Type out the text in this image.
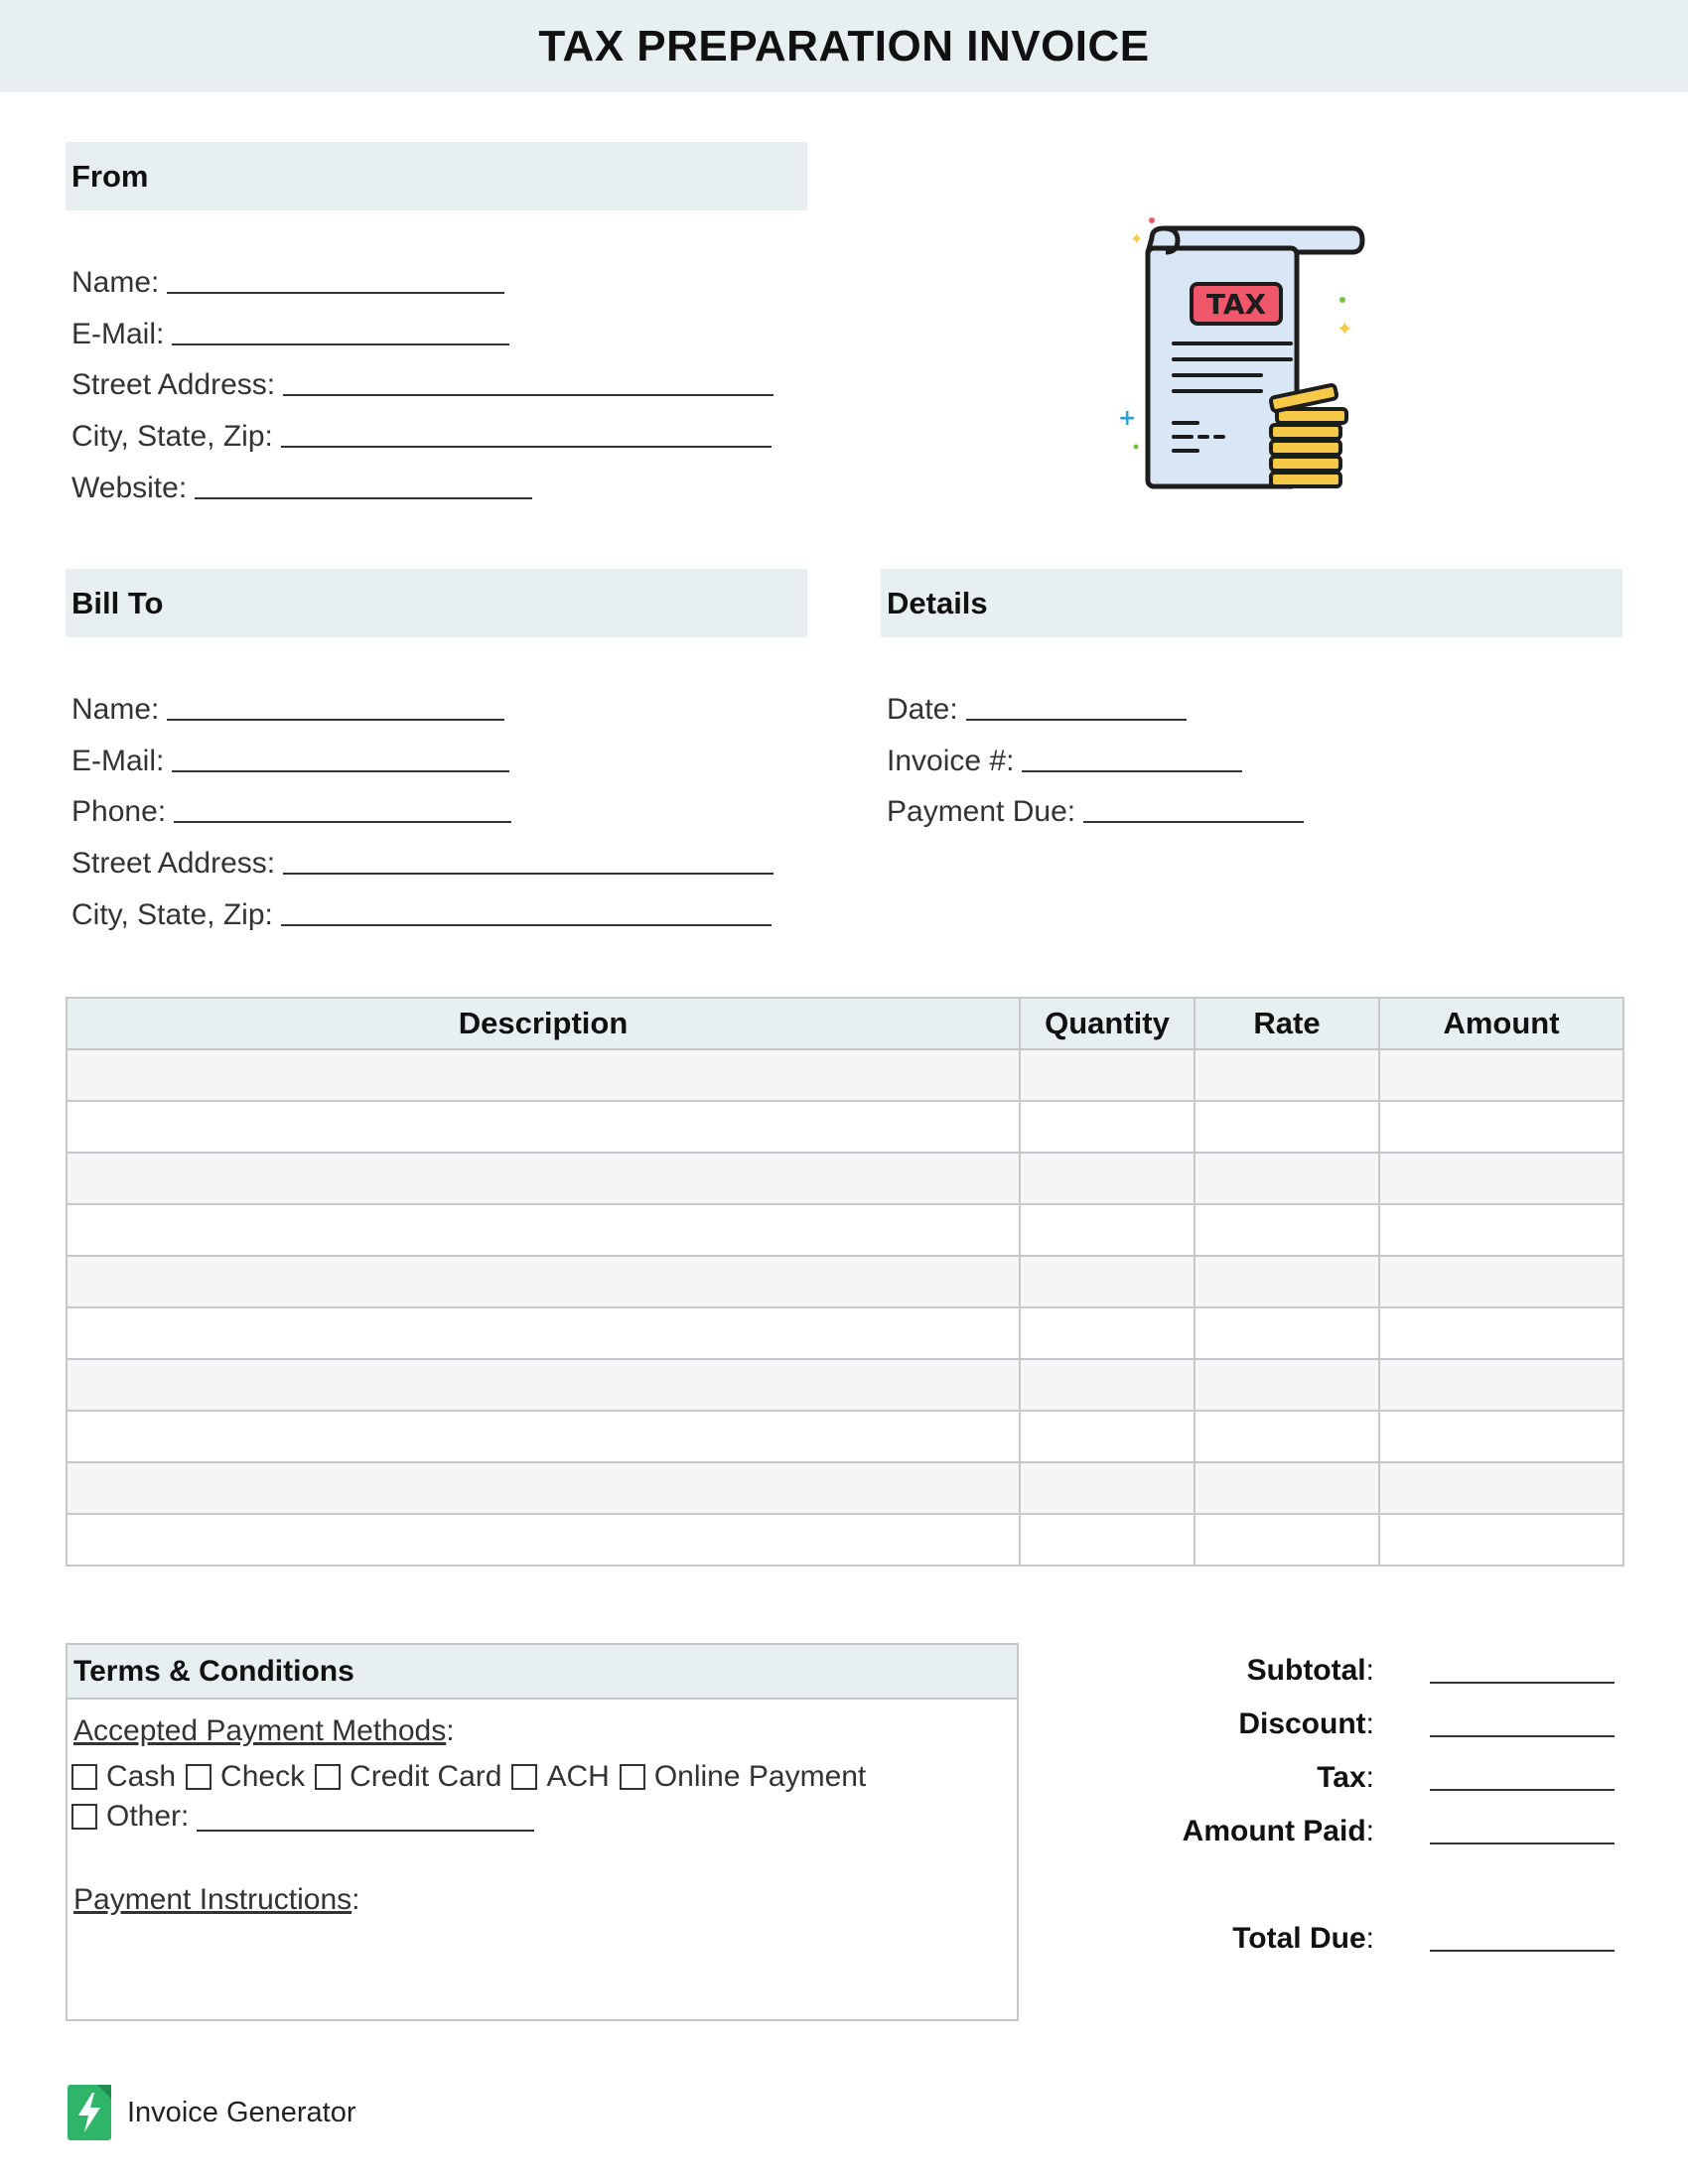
TAX PREPARATION INVOICE
From
Name:
E-Mail:
Street Address:
City, State, Zip:
Website:
✦
✦
+
TAX
Bill To
Name:
E-Mail:
Phone:
Street Address:
City, State, Zip:
Details
Date:
Invoice #:
Payment Due:
Description	Quantity	Rate	Amount

Terms & Conditions
Accepted Payment Methods:
Cash Check Credit Card ACH Online Payment
Other:
Payment Instructions:
Subtotal:
Discount:
Tax:
Amount Paid:
Total Due:
Invoice Generator
